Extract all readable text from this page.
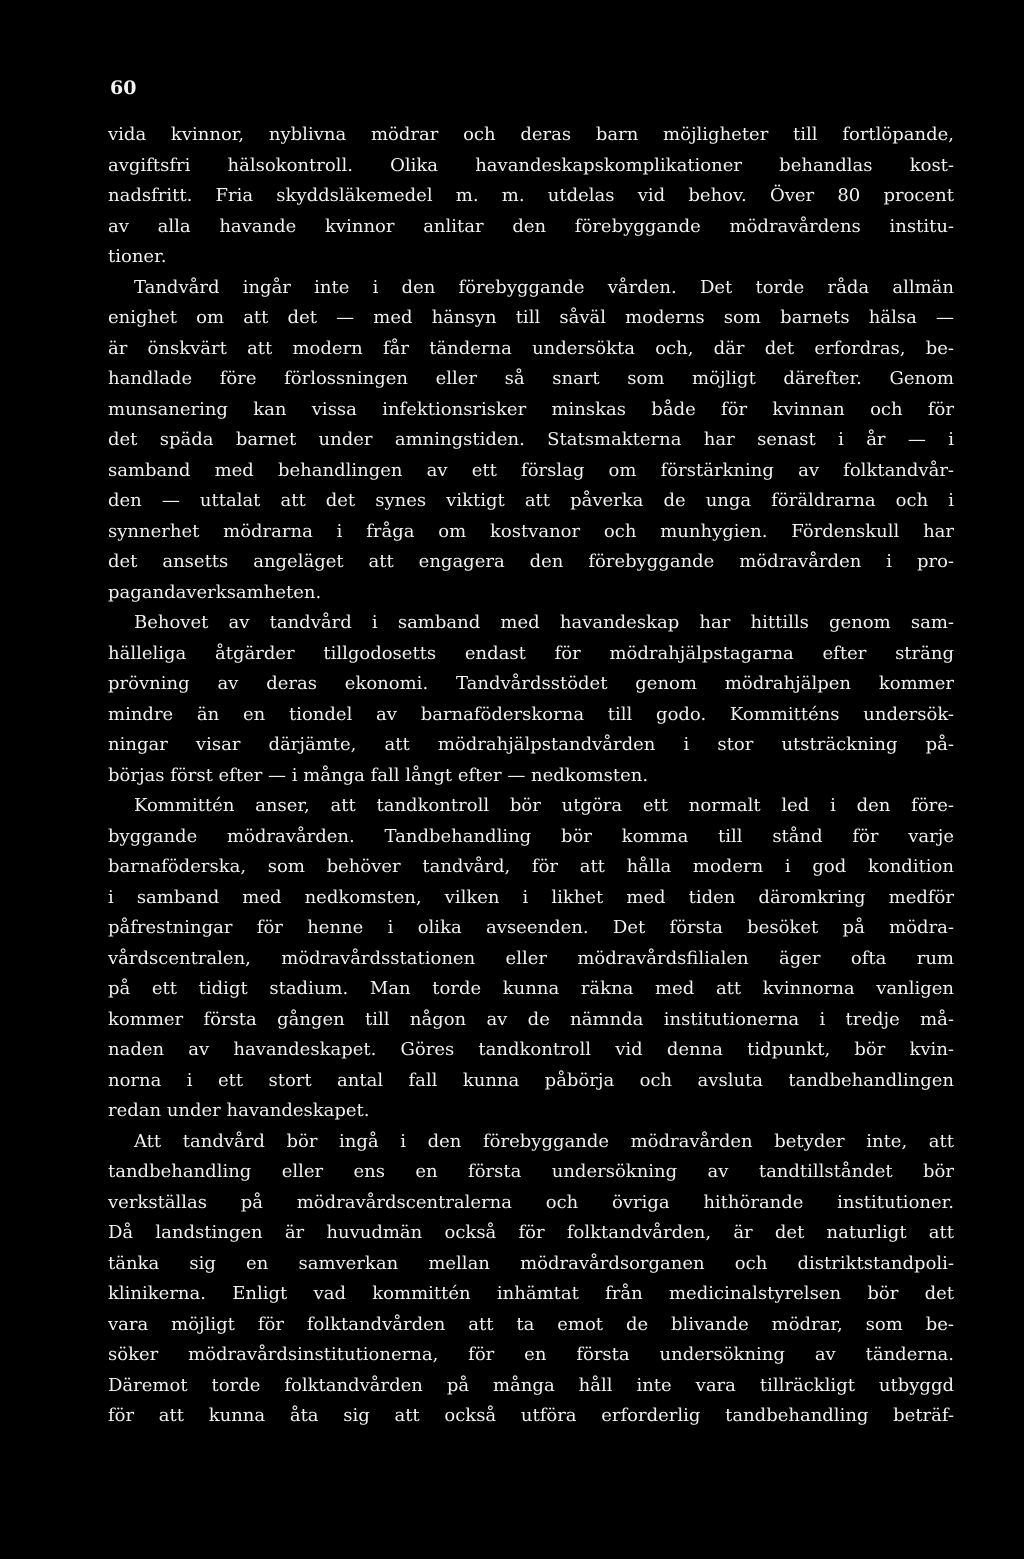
60
vida kvinnor, nyblivna mödrar och deras barn möjligheter till fortlöpande,
avgiftsfri hälsokontroll. Olika havandeskapskomplikationer behandlas kost-
nadsfritt. Fria skyddsläkemedel m. m. utdelas vid behov. Över 80 procent
av alla havande kvinnor anlitar den förebyggande mödravårdens institu-
tioner.
Tandvård ingår inte i den förebyggande vården. Det torde råda allmän
enighet om att det — med hänsyn till såväl moderns som barnets hälsa —
är önskvärt att modern får tänderna undersökta och, där det erfordras, be-
handlade före förlossningen eller så snart som möjligt därefter. Genom
munsanering kan vissa infektionsrisker minskas både för kvinnan och för
det späda barnet under amningstiden. Statsmakterna har senast i år — i
samband med behandlingen av ett förslag om förstärkning av folktandvår-
den — uttalat att det synes viktigt att påverka de unga föräldrarna och i
synnerhet mödrarna i fråga om kostvanor och munhygien. Fördenskull har
det ansetts angeläget att engagera den förebyggande mödravården i pro-
pagandaverksamheten.
Behovet av tandvård i samband med havandeskap har hittills genom sam-
hälleliga åtgärder tillgodosetts endast för mödrahjälpstagarna efter sträng
prövning av deras ekonomi. Tandvårdsstödet genom mödrahjälpen kommer
mindre än en tiondel av barnaföderskorna till godo. Kommitténs undersök-
ningar visar därjämte, att mödrahjälpstandvården i stor utsträckning på-
börjas först efter — i många fall långt efter — nedkomsten.
Kommittén anser, att tandkontroll bör utgöra ett normalt led i den före-
byggande mödravården. Tandbehandling bör komma till stånd för varje
barnaföderska, som behöver tandvård, för att hålla modern i god kondition
i samband med nedkomsten, vilken i likhet med tiden däromkring medför
påfrestningar för henne i olika avseenden. Det första besöket på mödra-
vårdscentralen, mödravårdsstationen eller mödravårdsfilialen äger ofta rum
på ett tidigt stadium. Man torde kunna räkna med att kvinnorna vanligen
kommer första gången till någon av de nämnda institutionerna i tredje må-
naden av havandeskapet. Göres tandkontroll vid denna tidpunkt, bör kvin-
norna i ett stort antal fall kunna påbörja och avsluta tandbehandlingen
redan under havandeskapet.
Att tandvård bör ingå i den förebyggande mödravården betyder inte, att
tandbehandling eller ens en första undersökning av tandtillståndet bör
verkställas på mödravårdscentralerna och övriga hithörande institutioner.
Då landstingen är huvudmän också för folktandvården, är det naturligt att
tänka sig en samverkan mellan mödravårdsorganen och distriktstandpoli-
klinikerna. Enligt vad kommittén inhämtat från medicinalstyrelsen bör det
vara möjligt för folktandvården att ta emot de blivande mödrar, som be-
söker mödravårdsinstitutionerna, för en första undersökning av tänderna.
Däremot torde folktandvården på många håll inte vara tillräckligt utbyggd
för att kunna åta sig att också utföra erforderlig tandbehandling beträf-
